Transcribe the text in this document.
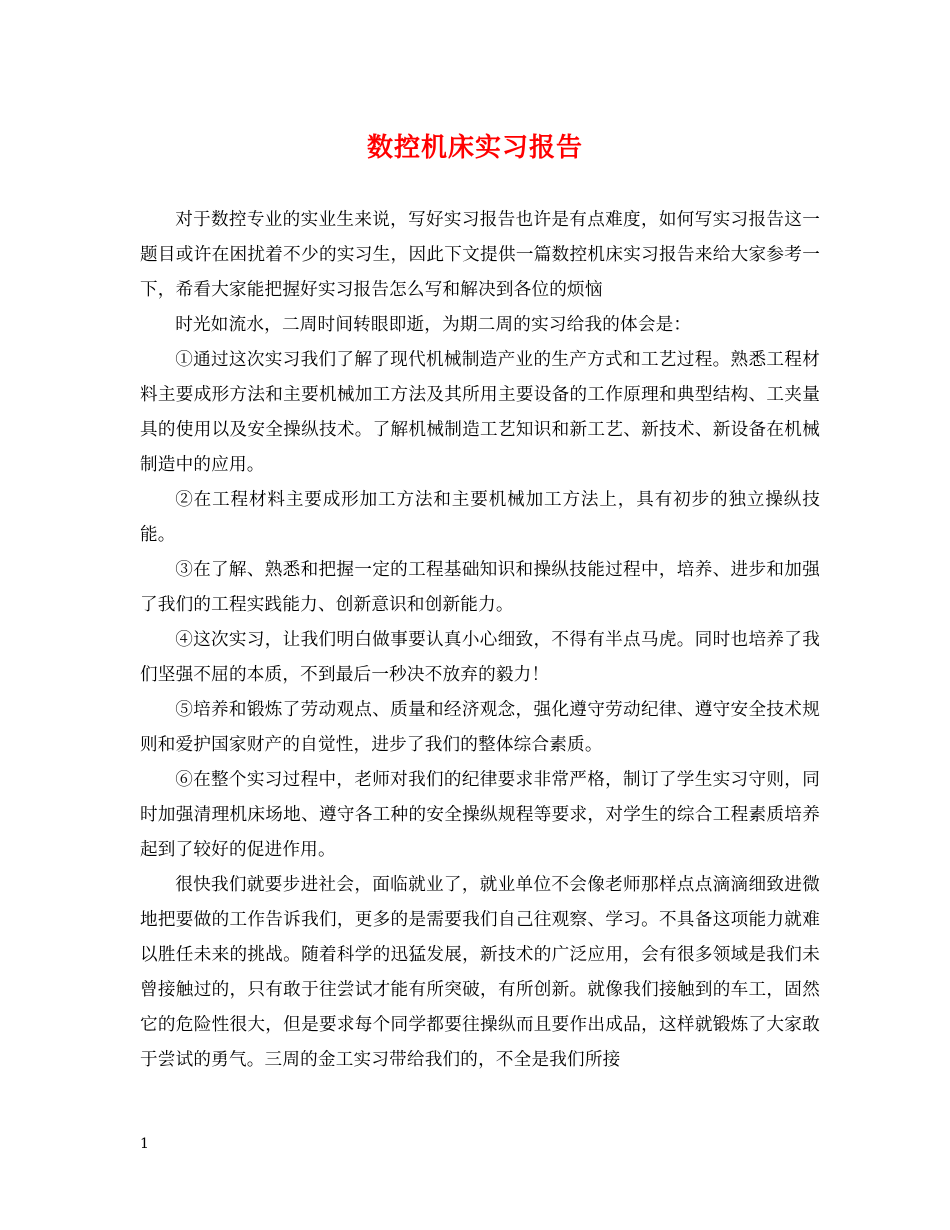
数控机床实习报告

对于数控专业的实业生来说，写好实习报告也许是有点难度，如何写实习报告这一题目或许在困扰着不少的实习生，因此下文提供一篇数控机床实习报告来给大家参考一下，希看大家能把握好实习报告怎么写和解决到各位的烦恼

时光如流水，二周时间转眼即逝，为期二周的实习给我的体会是：

①通过这次实习我们了解了现代机械制造产业的生产方式和工艺过程。熟悉工程材料主要成形方法和主要机械加工方法及其所用主要设备的工作原理和典型结构、工夹量具的使用以及安全操纵技术。了解机械制造工艺知识和新工艺、新技术、新设备在机械制造中的应用。

②在工程材料主要成形加工方法和主要机械加工方法上，具有初步的独立操纵技能。

③在了解、熟悉和把握一定的工程基础知识和操纵技能过程中，培养、进步和加强了我们的工程实践能力、创新意识和创新能力。

④这次实习，让我们明白做事要认真小心细致，不得有半点马虎。同时也培养了我们坚强不屈的本质，不到最后一秒决不放弃的毅力！

⑤培养和锻炼了劳动观点、质量和经济观念，强化遵守劳动纪律、遵守安全技术规则和爱护国家财产的自觉性，进步了我们的整体综合素质。

⑥在整个实习过程中，老师对我们的纪律要求非常严格，制订了学生实习守则，同时加强清理机床场地、遵守各工种的安全操纵规程等要求，对学生的综合工程素质培养起到了较好的促进作用。

很快我们就要步进社会，面临就业了，就业单位不会像老师那样点点滴滴细致进微地把要做的工作告诉我们，更多的是需要我们自己往观察、学习。不具备这项能力就难以胜任未来的挑战。随着科学的迅猛发展，新技术的广泛应用，会有很多领域是我们未曾接触过的，只有敢于往尝试才能有所突破，有所创新。就像我们接触到的车工，固然它的危险性很大，但是要求每个同学都要往操纵而且要作出成品，这样就锻炼了大家敢于尝试的勇气。三周的金工实习带给我们的，不全是我们所接

1
